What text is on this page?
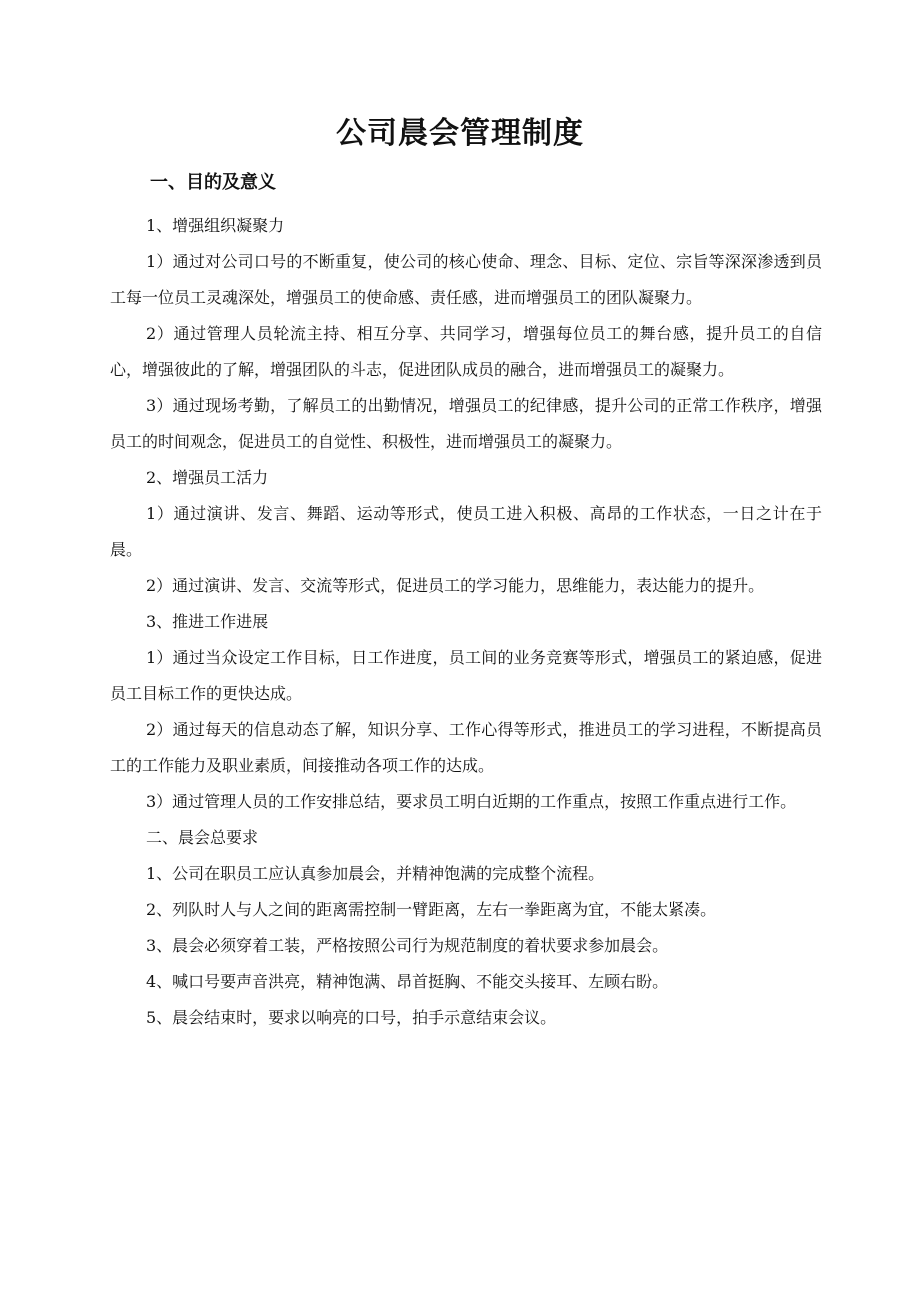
公司晨会管理制度
一、目的及意义

1、增强组织凝聚力

1）通过对公司口号的不断重复，使公司的核心使命、理念、目标、定位、宗旨等深深渗透到员工每一位员工灵魂深处，增强员工的使命感、责任感，进而增强员工的团队凝聚力。

2）通过管理人员轮流主持、相互分享、共同学习，增强每位员工的舞台感，提升员工的自信心，增强彼此的了解，增强团队的斗志，促进团队成员的融合，进而增强员工的凝聚力。

3）通过现场考勤，了解员工的出勤情况，增强员工的纪律感，提升公司的正常工作秩序，增强员工的时间观念，促进员工的自觉性、积极性，进而增强员工的凝聚力。

2、增强员工活力

1）通过演讲、发言、舞蹈、运动等形式，使员工进入积极、高昂的工作状态，一日之计在于晨。

2）通过演讲、发言、交流等形式，促进员工的学习能力，思维能力，表达能力的提升。

3、推进工作进展

1）通过当众设定工作目标，日工作进度，员工间的业务竞赛等形式，增强员工的紧迫感，促进员工目标工作的更快达成。

2）通过每天的信息动态了解，知识分享、工作心得等形式，推进员工的学习进程，不断提高员工的工作能力及职业素质，间接推动各项工作的达成。

3）通过管理人员的工作安排总结，要求员工明白近期的工作重点，按照工作重点进行工作。

二、晨会总要求

1、公司在职员工应认真参加晨会，并精神饱满的完成整个流程。

2、列队时人与人之间的距离需控制一臂距离，左右一拳距离为宜，不能太紧凑。

3、晨会必须穿着工装，严格按照公司行为规范制度的着状要求参加晨会。

4、喊口号要声音洪亮，精神饱满、昂首挺胸、不能交头接耳、左顾右盼。

5、晨会结束时，要求以响亮的口号，拍手示意结束会议。
